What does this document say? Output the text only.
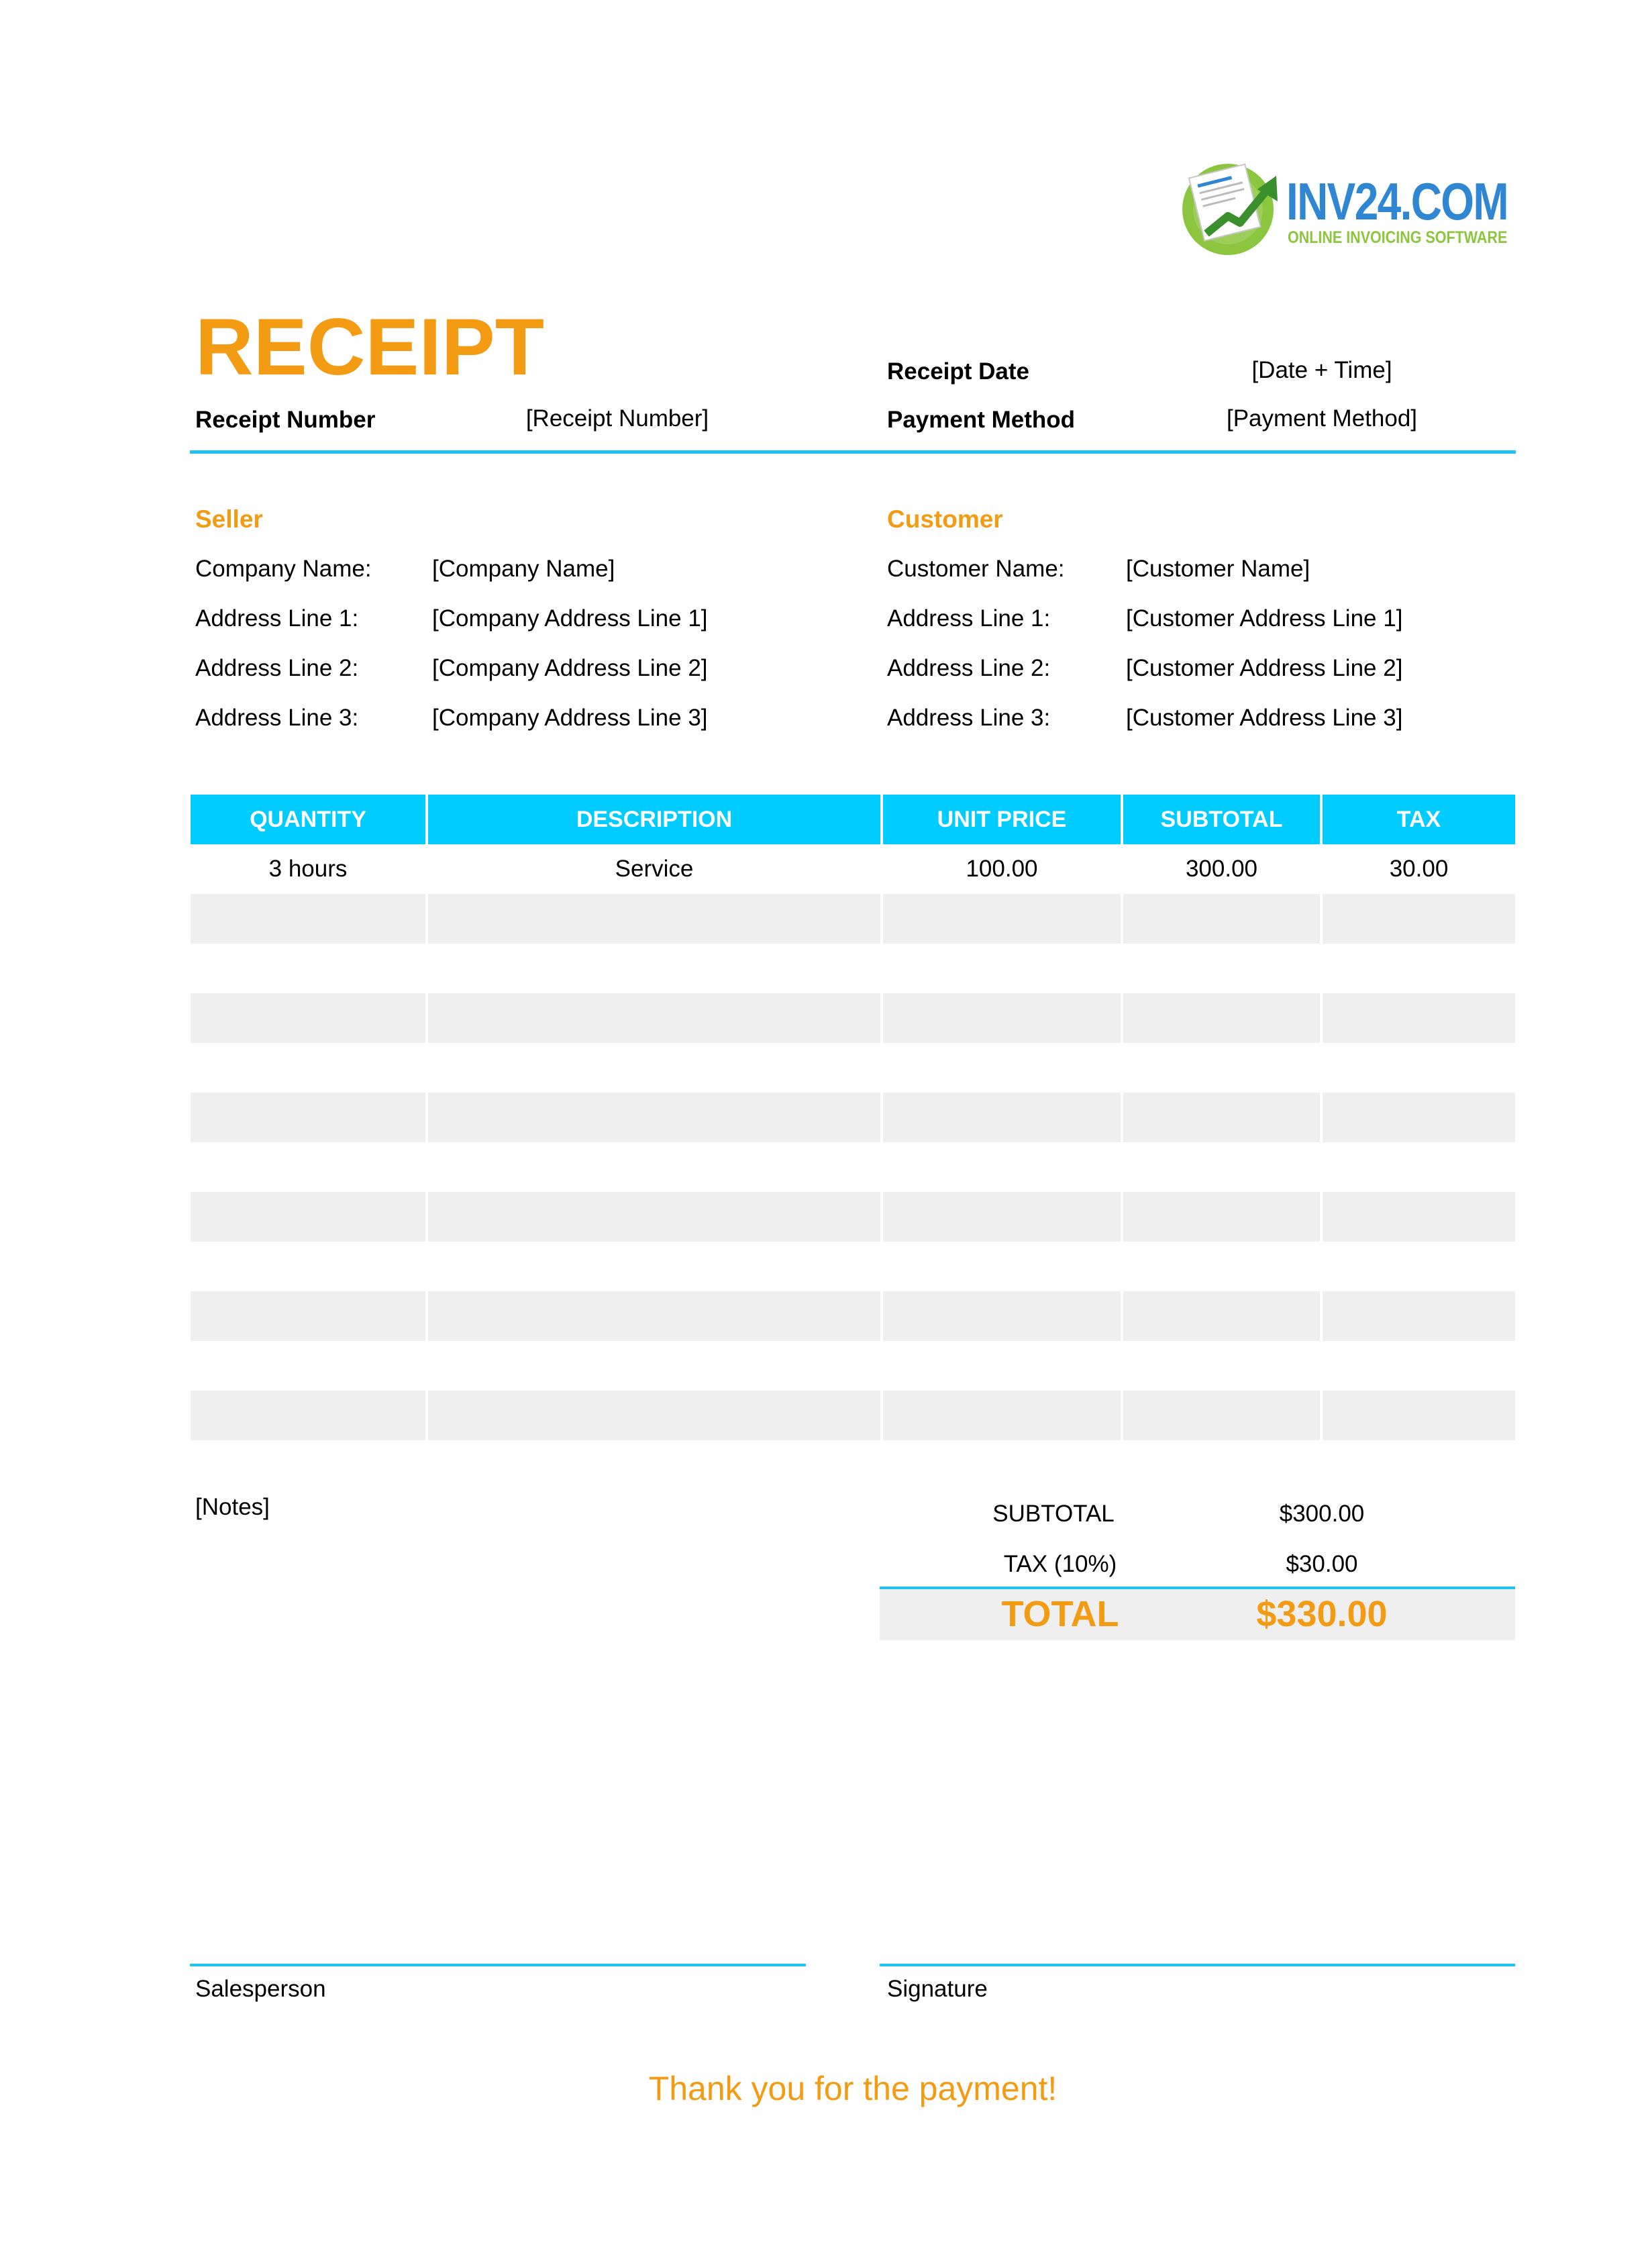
INV24.COM
ONLINE INVOICING SOFTWARE
RECEIPT	Receipt Date	[Date + Time]
Receipt Number	[Receipt Number]	Payment Method	[Payment Method]
Seller
Company Name:	[Company Name]
Address Line 1:	[Company Address Line 1]
Address Line 2:	[Company Address Line 2]
Address Line 3:	[Company Address Line 3]
Customer
Customer Name:	[Customer Name]
Address Line 1:	[Customer Address Line 1]
Address Line 2:	[Customer Address Line 2]
Address Line 3:	[Customer Address Line 3]
QUANTITY	DESCRIPTION	UNIT PRICE	SUBTOTAL	TAX
3 hours	Service	100.00	300.00	30.00
[Notes]	SUBTOTAL	$300.00
TAX (10%)	$30.00
TOTAL	$330.00
Salesperson	Signature
Thank you for the payment!
